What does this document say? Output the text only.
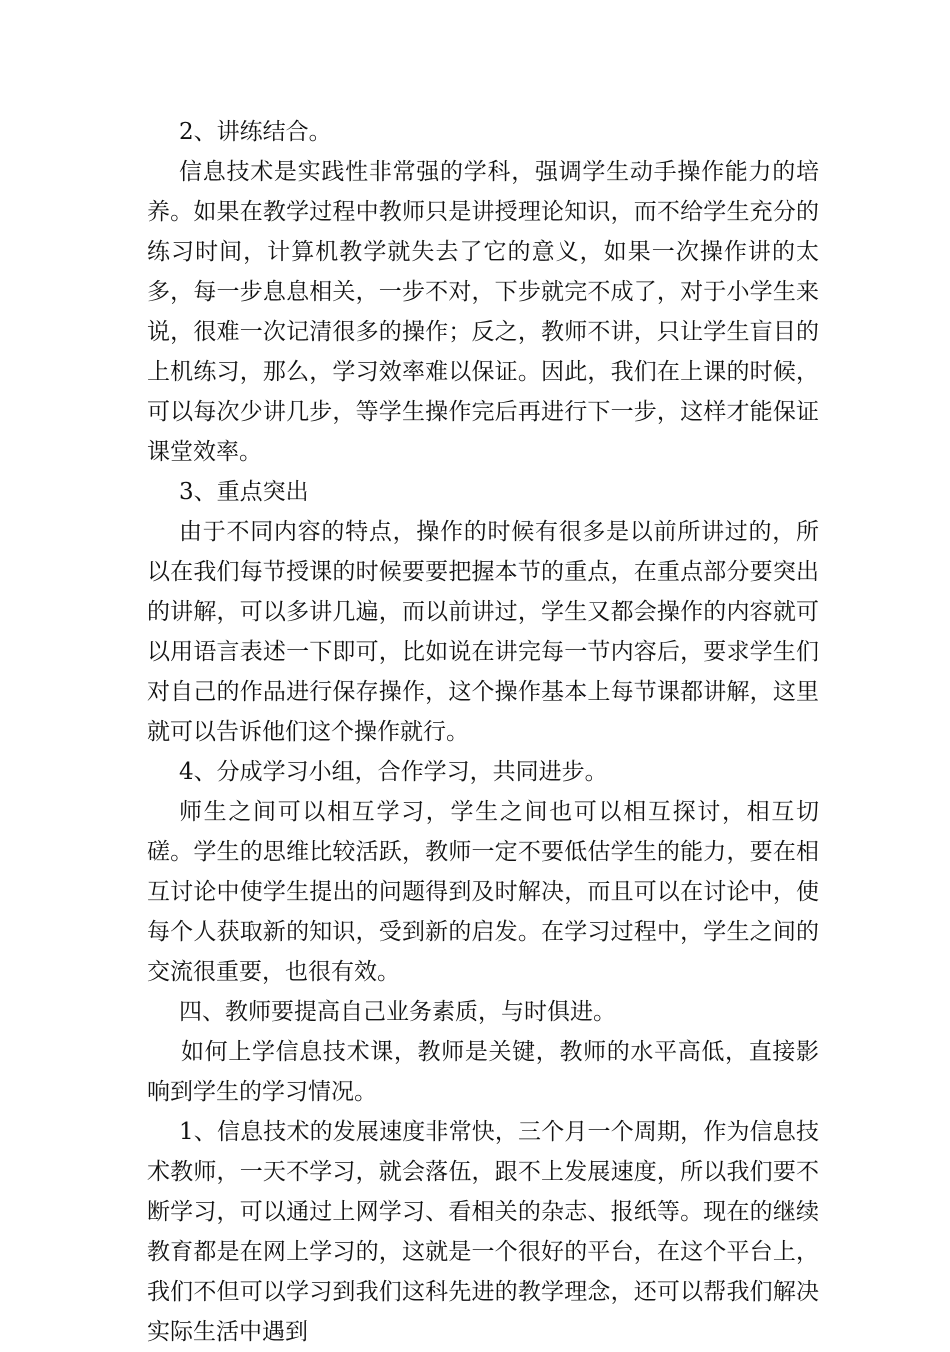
2、讲练结合。

信息技术是实践性非常强的学科，强调学生动手操作能力的培养。如果在教学过程中教师只是讲授理论知识，而不给学生充分的练习时间，计算机教学就失去了它的意义，如果一次操作讲的太多，每一步息息相关，一步不对，下步就完不成了，对于小学生来说，很难一次记清很多的操作；反之，教师不讲，只让学生盲目的上机练习，那么，学习效率难以保证。因此，我们在上课的时候，可以每次少讲几步，等学生操作完后再进行下一步，这样才能保证课堂效率。

3、重点突出

由于不同内容的特点，操作的时候有很多是以前所讲过的，所以在我们每节授课的时候要要把握本节的重点，在重点部分要突出的讲解，可以多讲几遍，而以前讲过，学生又都会操作的内容就可以用语言表述一下即可，比如说在讲完每一节内容后，要求学生们对自己的作品进行保存操作，这个操作基本上每节课都讲解，这里就可以告诉他们这个操作就行。

4、分成学习小组，合作学习，共同进步。

师生之间可以相互学习，学生之间也可以相互探讨，相互切磋。学生的思维比较活跃，教师一定不要低估学生的能力，要在相互讨论中使学生提出的问题得到及时解决，而且可以在讨论中，使每个人获取新的知识，受到新的启发。在学习过程中，学生之间的交流很重要，也很有效。

四、教师要提高自己业务素质，与时俱进。

如何上学信息技术课，教师是关键，教师的水平高低，直接影响到学生的学习情况。

1、信息技术的发展速度非常快，三个月一个周期，作为信息技术教师，一天不学习，就会落伍，跟不上发展速度，所以我们要不断学习，可以通过上网学习、看相关的杂志、报纸等。现在的继续教育都是在网上学习的，这就是一个很好的平台，在这个平台上，我们不但可以学习到我们这科先进的教学理念，还可以帮我们解决实际生活中遇到
